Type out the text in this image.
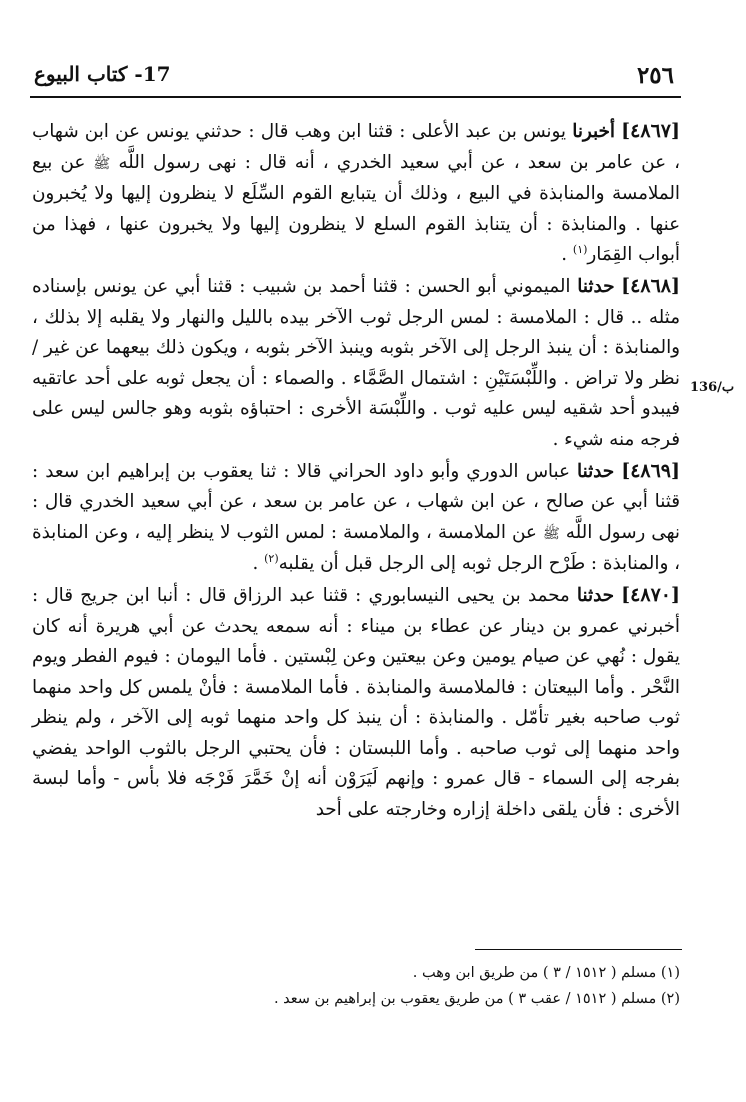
٢٥٦
17- كتاب البيوع
136/ب

[٤٨٦٧] أخبرنا يونس بن عبد الأعلى : قثنا ابن وهب قال : حدثني يونس عن ابن شهاب ، عن عامر بن سعد ، عن أبي سعيد الخدري ، أنه قال : نهى رسول اللَّه ﷺ عن بيع الملامسة والمنابذة في البيع ، وذلك أن يتبايع القوم السِّلَع لا ينظرون إليها ولا يُخبرون عنها . والمنابذة : أن يتنابذ القوم السلع لا ينظرون إليها ولا يخبرون عنها ، فهذا من أبواب القِمَار$^{(١)}$ .

[٤٨٦٨] حدثنا الميموني أبو الحسن : قثنا أحمد بن شبيب : قثنا أبي عن يونس بإسناده مثله .. قال : الملامسة : لمس الرجل ثوب الآخر بيده بالليل والنهار ولا يقلبه إلا بذلك ، والمنابذة : أن ينبذ الرجل إلى الآخر بثوبه وينبذ الآخر بثوبه ، ويكون ذلك بيعهما عن غير / نظر ولا تراض . واللِّبْسَتَيْنِ : اشتمال الصَّمَّاء . والصماء : أن يجعل ثوبه على أحد عاتقيه فيبدو أحد شقيه ليس عليه ثوب . واللِّبْسَة الأخرى : احتباؤه بثوبه وهو جالس ليس على فرجه منه شيء .

[٤٨٦٩] حدثنا عباس الدوري وأبو داود الحراني قالا : ثنا يعقوب بن إبراهيم ابن سعد : قثنا أبي عن صالح ، عن ابن شهاب ، عن عامر بن سعد ، عن أبي سعيد الخدري قال : نهى رسول اللَّه ﷺ عن الملامسة ، والملامسة : لمس الثوب لا ينظر إليه ، وعن المنابذة ، والمنابذة : طَرْح الرجل ثوبه إلى الرجل قبل أن يقلبه$^{(٢)}$ .

[٤٨٧٠] حدثنا محمد بن يحيى النيسابوري : قثنا عبد الرزاق قال : أنبا ابن جريج قال : أخبرني عمرو بن دينار عن عطاء بن ميناء : أنه سمعه يحدث عن أبي هريرة أنه كان يقول : نُهي عن صيام يومين وعن بيعتين وعن لِبْستين . فأما اليومان : فيوم الفطر ويوم النَّحْر . وأما البيعتان : فالملامسة والمنابذة . فأما الملامسة : فأنْ يلمس كل واحد منهما ثوب صاحبه بغير تأمّل . والمنابذة : أن ينبذ كل واحد منهما ثوبه إلى الآخر ، ولم ينظر واحد منهما إلى ثوب صاحبه . وأما اللبستان : فأن يحتبي الرجل بالثوب الواحد يفضي بفرجه إلى السماء - قال عمرو : وإنهم لَيَرَوْن أنه إنْ خَمَّرَ فَرْجَه فلا بأس - وأما لبسة الأخرى : فأن يلقى داخلة إزاره وخارجته على أحد

(١) مسلم ( ١٥١٢ / ٣ ) من طريق ابن وهب .

(٢) مسلم ( ١٥١٢ / عقب ٣ ) من طريق يعقوب بن إبراهيم بن سعد .
